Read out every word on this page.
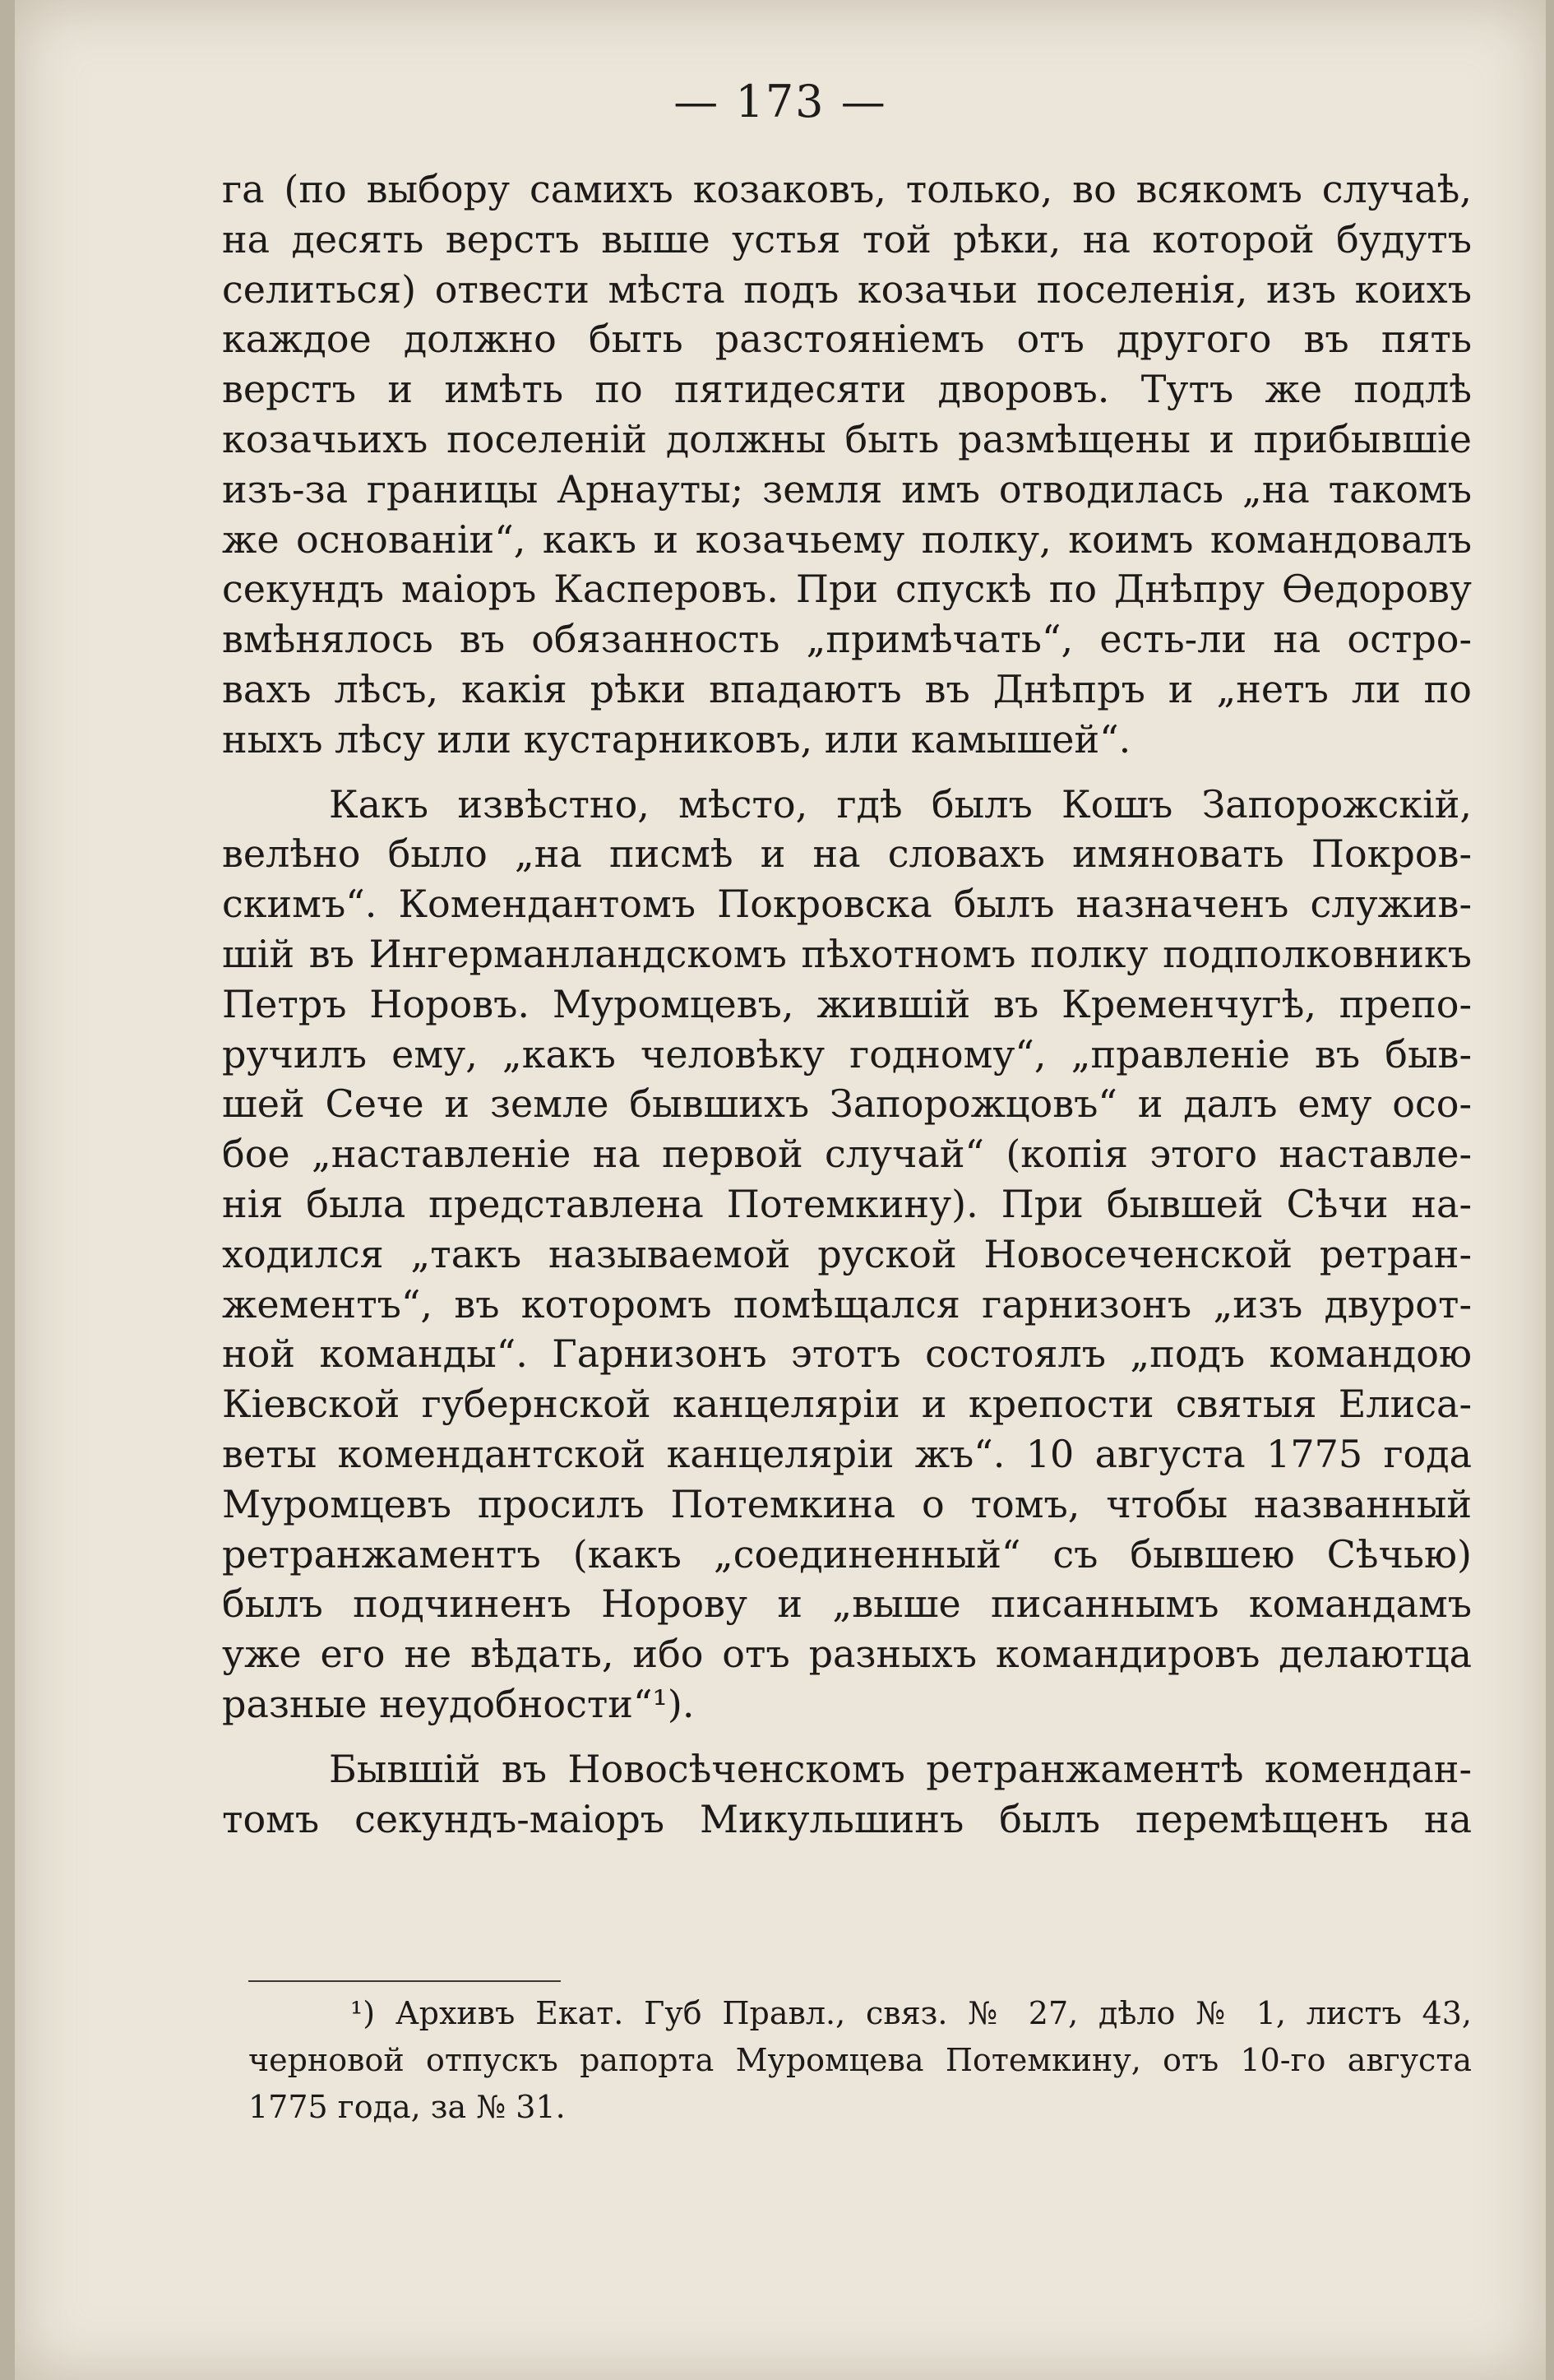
— 173 —
га (по выбору самихъ козаковъ, только, во всякомъ случаѣ,
на десять верстъ выше устья той рѣки, на которой будутъ
селиться) отвести мѣста подъ козачьи поселенія, изъ коихъ
каждое должно быть разстояніемъ отъ другого въ пять
верстъ и имѣть по пятидесяти дворовъ. Тутъ же подлѣ
козачьихъ поселеній должны быть размѣщены и прибывшіе
изъ-за границы Арнауты; земля имъ отводилась „на такомъ
же основаніи“, какъ и козачьему полку, коимъ командовалъ
секундъ маіоръ Касперовъ. При спускѣ по Днѣпру Ѳедорову
вмѣнялось въ обязанность „примѣчать“, есть-ли на остро-
вахъ лѣсъ, какія рѣки впадаютъ въ Днѣпръ и „нетъ ли по
ныхъ лѣсу или кустарниковъ, или камышей“.
Какъ извѣстно, мѣсто, гдѣ былъ Кошъ Запорожскій,
велѣно было „на писмѣ и на словахъ имяновать Покров-
скимъ“. Комендантомъ Покровска былъ назначенъ служив-
шій въ Ингерманландскомъ пѣхотномъ полку подполковникъ
Петръ Норовъ. Муромцевъ, жившій въ Кременчугѣ, препо-
ручилъ ему, „какъ человѣку годному“, „правленіе въ быв-
шей Сече и земле бывшихъ Запорожцовъ“ и далъ ему осо-
бое „наставленіе на первой случай“ (копія этого наставле-
нія была представлена Потемкину). При бывшей Сѣчи на-
ходился „такъ называемой руской Новосеченской ретран-
жементъ“, въ которомъ помѣщался гарнизонъ „изъ двурот-
ной команды“. Гарнизонъ этотъ состоялъ „подъ командою
Кіевской губернской канцеляріи и крепости святыя Елиса-
веты комендантской канцеляріи жъ“. 10 августа 1775 года
Муромцевъ просилъ Потемкина о томъ, чтобы названный
ретранжаментъ (какъ „соединенный“ съ бывшею Сѣчью)
былъ подчиненъ Норову и „выше писаннымъ командамъ
уже его не вѣдать, ибо отъ разныхъ командировъ делаютца
разные неудобности“¹).
Бывшій въ Новосѣченскомъ ретранжаментѣ комендан-
томъ секундъ-маіоръ Микульшинъ былъ перемѣщенъ на
¹) Архивъ Екат. Губ Правл., связ. № 27, дѣло № 1, листъ 43,
черновой отпускъ рапорта Муромцева Потемкину, отъ 10-го августа
1775 года, за № 31.
